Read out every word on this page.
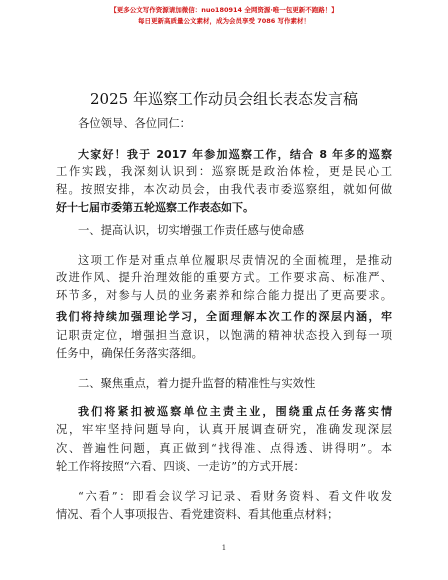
【更多公文写作资源请加微信：nuo180914 全网资源·唯一包更新不跑路！】
每日更新高质量公文素材，成为会员享受 7086 写作素材！
2025 年巡察工作动员会组长表态发言稿
各位领导、各位同仁：
大家好！我于 2017 年参加巡察工作，结合 8 年多的巡察
工作实践，我深刻认识到：巡察既是政治体检，更是民心工
程。按照安排，本次动员会，由我代表市委巡察组，就如何做
好十七届市委第五轮巡察工作表态如下。
一、提高认识，切实增强工作责任感与使命感
这项工作是对重点单位履职尽责情况的全面梳理，是推动
改进作风、提升治理效能的重要方式。工作要求高、标准严、
环节多，对参与人员的业务素养和综合能力提出了更高要求。
我们将持续加强理论学习，全面理解本次工作的深层内涵，牢
记职责定位，增强担当意识，以饱满的精神状态投入到每一项
任务中，确保任务落实落细。
二、聚焦重点，着力提升监督的精准性与实效性
我们将紧扣被巡察单位主责主业，围绕重点任务落实情
况，牢牢坚持问题导向，认真开展调查研究，准确发现深层
次、普遍性问题，真正做到“找得准、点得透、讲得明”。本
轮工作将按照“六看、四谈、一走访”的方式开展：
“六看”：即看会议学习记录、看财务资料、看文件收发
情况、看个人事项报告、看党建资料、看其他重点材料；
1
